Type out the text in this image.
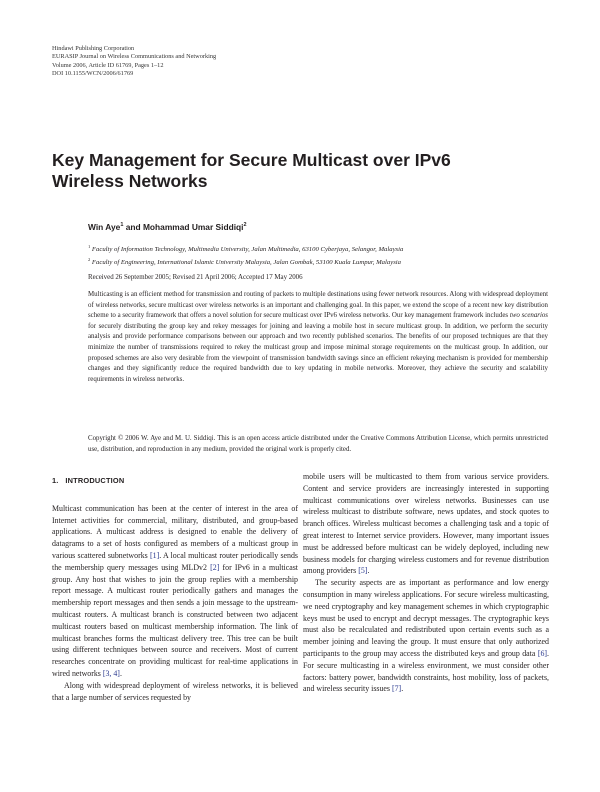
Hindawi Publishing Corporation
EURASIP Journal on Wireless Communications and Networking
Volume 2006, Article ID 61769, Pages 1–12
DOI 10.1155/WCN/2006/61769
Key Management for Secure Multicast over IPv6
Wireless Networks
Win Aye$^1$ and Mohammad Umar Siddiqi$^2$
$^1$ Faculty of Information Technology, Multimedia University, Jalan Multimedia, 63100 Cyberjaya, Selangor, Malaysia
$^2$ Faculty of Engineering, International Islamic University Malaysia, Jalan Gombak, 53100 Kuala Lumpur, Malaysia
Received 26 September 2005; Revised 21 April 2006; Accepted 17 May 2006
Multicasting is an efficient method for transmission and routing of packets to multiple destinations using fewer network resources. Along with widespread deployment of wireless networks, secure multicast over wireless networks is an important and challenging goal. In this paper, we extend the scope of a recent new key distribution scheme to a security framework that offers a novel solution for secure multicast over IPv6 wireless networks. Our key management framework includes two scenarios for securely distributing the group key and rekey messages for joining and leaving a mobile host in secure multicast group. In addition, we perform the security analysis and provide performance comparisons between our approach and two recently published scenarios. The benefits of our proposed techniques are that they minimize the number of transmissions required to rekey the multicast group and impose minimal storage requirements on the multicast group. In addition, our proposed schemes are also very desirable from the viewpoint of transmission bandwidth savings since an efficient rekeying mechanism is provided for membership changes and they significantly reduce the required bandwidth due to key updating in mobile networks. Moreover, they achieve the security and scalability requirements in wireless networks.
Copyright © 2006 W. Aye and M. U. Siddiqi. This is an open access article distributed under the Creative Commons Attribution License, which permits unrestricted use, distribution, and reproduction in any medium, provided the original work is properly cited.
1. INTRODUCTION

Multicast communication has been at the center of interest in the area of Internet activities for commercial, military, distributed, and group-based applications. A multicast address is designed to enable the delivery of datagrams to a set of hosts configured as members of a multicast group in various scattered subnetworks [1]. A local multicast router periodically sends the membership query messages using MLDv2 [2] for IPv6 in a multicast group. Any host that wishes to join the group replies with a membership report message. A multicast router periodically gathers and manages the membership report messages and then sends a join message to the upstream-multicast routers. A multicast branch is constructed between two adjacent multicast routers based on multicast membership information. The link of multicast branches forms the multicast delivery tree. This tree can be built using different techniques between source and receivers. Most of current researches concentrate on providing multicast for real-time applications in wired networks [3, 4].

Along with widespread deployment of wireless networks, it is believed that a large number of services requested by

mobile users will be multicasted to them from various service providers. Content and service providers are increasingly interested in supporting multicast communications over wireless networks. Businesses can use wireless multicast to distribute software, news updates, and stock quotes to branch offices. Wireless multicast becomes a challenging task and a topic of great interest to Internet service providers. However, many important issues must be addressed before multicast can be widely deployed, including new business models for charging wireless customers and for revenue distribution among providers [5].

The security aspects are as important as performance and low energy consumption in many wireless applications. For secure wireless multicasting, we need cryptography and key management schemes in which cryptographic keys must be used to encrypt and decrypt messages. The cryptographic keys must also be recalculated and redistributed upon certain events such as a member joining and leaving the group. It must ensure that only authorized participants to the group may access the distributed keys and group data [6]. For secure multicasting in a wireless environment, we must consider other factors: battery power, bandwidth constraints, host mobility, loss of packets, and wireless security issues [7].
